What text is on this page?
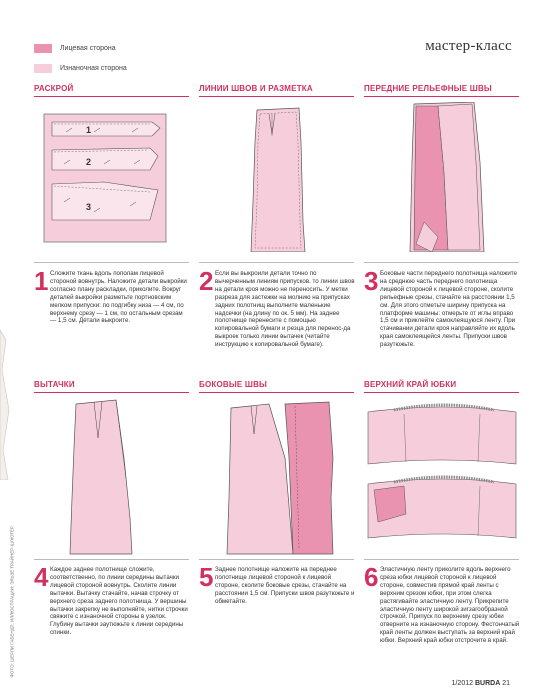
Лицевая сторона
Изнаночная сторона
мастер-класс
ФОТО: ШЕРЛИ ГАБЕНДТ; ИЛЛЮСТРАЦИИ: ЭЛЬЗЕ ТРАЙНЕР-ШЛЮТЕР
РАСКРОЙ
1
2
3
1 Сложите ткань вдоль пополам лицевой стороной вовнутрь. Наложите детали выкройки согласно плану раскладки, приколите. Вокруг деталей выкройки разметьте портновским мелком припуски: по подгибку низа — 4 см, по верхнему срезу — 1 см, по остальным срезам — 1,5 см. Детали выкроите.
ЛИНИИ ШВОВ И РАЗМЕТКА
2 Если вы выкроили детали точно по вычерченным линиям припусков. то линии швов на детали кроя можно не переносить. У метки разреза для застежки на молнию на припусках задних полотнищ выполните маленькие надсечки (на длину по ок. 5 мм). На заднее полотнище перенесите с помощью копировальной бумаги и резца для перенос-да выкроек только линии вытачек (читайте инструкцию к копировальной бумаге).
ПЕРЕДНИЕ РЕЛЬЕФНЫЕ ШВЫ
3 Боковые части переднего полотнища наложите на среднюю часть переднего полотнища лицевой стороной к лицевой стороне, сколите рельефные срезы, стачайте на расстоянии 1,5 см. Для этого отметьте ширину припуска на платформе машины: отмерьте от иглы вправо 1,5 см и приклейте самоклеящуюся ленту. При стачивании детали кроя направляйте их вдоль края самоклеящейся ленты. Припуски швов разутюжьте.
ВЫТАЧКИ
4 Каждое заднее полотнище сложите, соответственно, по линии середины вытачки лицевой стороной вовнутрь. Сколите линии вытачки. Вытачку стачайте, начав строчку от верхнего среза заднего полотнища. У вершины вытачки закрепку не выполняйте, нитки строчки свяжите с изнаночной стороны в узелок. Глубину вытачки заутюжьте к линии середины спинки.
БОКОВЫЕ ШВЫ
5 Заднее полотнище наложите на переднее полотнище лицевой стороной к лицевой стороне, сколите боковые срезы, стачайте на расстоянии 1,5 см. Припуски швов разутюжьте и обметайте.
ВЕРХНИЙ КРАЙ ЮБКИ
6 Эластичную ленту приколите вдоль верхнего среза юбки лицевой стороной к лицевой стороне, совместив прямой край ленты с верхним срезом юбки, при этом слегка растягивайте эластичную ленту. Прикрепите эластичную ленту широкой зигзагообразной строчкой. Припуск по верхнему срезу юбки отверните на изнаночную сторону. Фестончатый край ленты должен выступать за верхний край юбки. Верхний край юбки отстрочите в край.
1/2012 BURDA 21
